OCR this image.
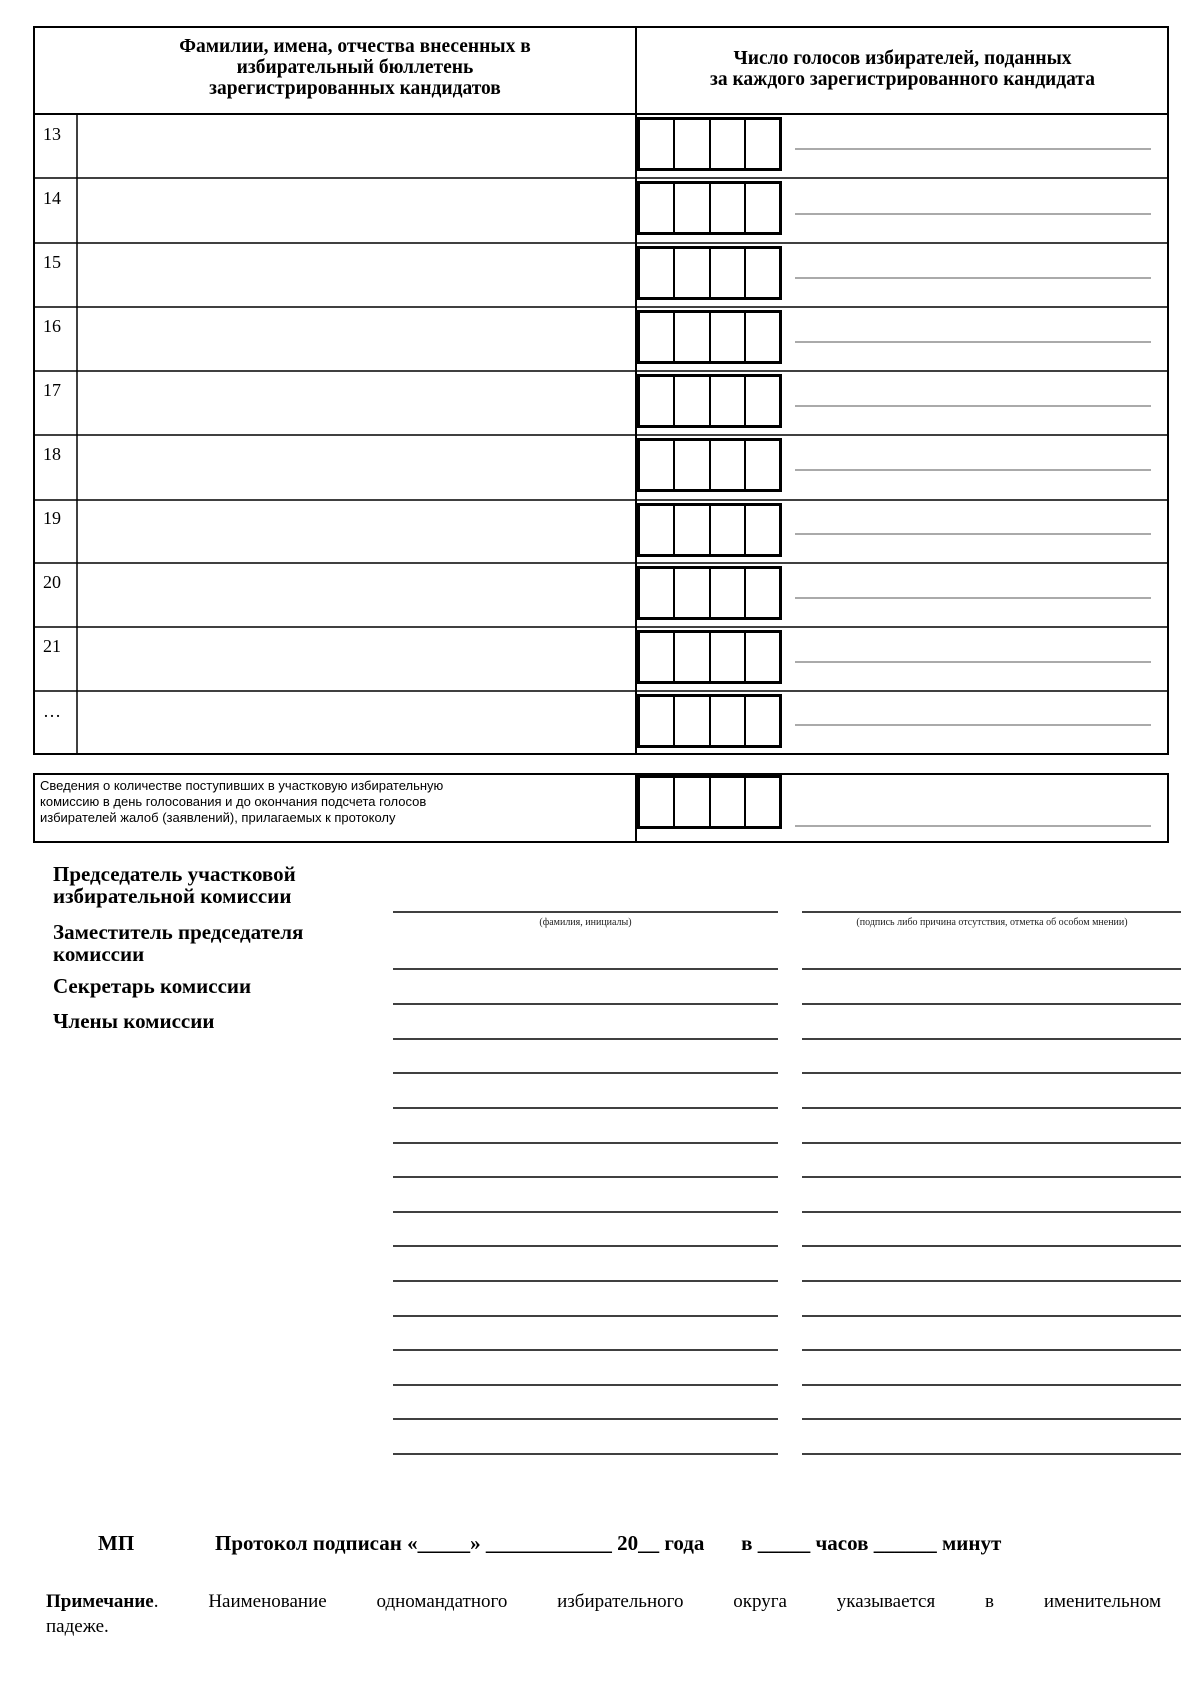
Фамилии, имена, отчества внесенных в
избирательный бюллетень
зарегистрированных кандидатов
Число голосов избирателей, поданных
за каждого зарегистрированного кандидата
13
14
15
16
17
18
19
20
21
…
Сведения о количестве поступивших в участковую избирательную
комиссию в день голосования и до окончания подсчета голосов
избирателей жалоб (заявлений), прилагаемых к протоколу
Председатель участковой
избирательной комиссии
Заместитель председателя
комиссии
Секретарь комиссии
Члены комиссии
(фамилия, инициалы)	(подпись либо причина отсутствия, отметка об особом мнении)
МП	Протокол подписан «_____» ____________ 20__ года       в _____ часов ______ минут
Примечание. Наименование одномандатного избирательного округа указывается в именительном
падеже.
